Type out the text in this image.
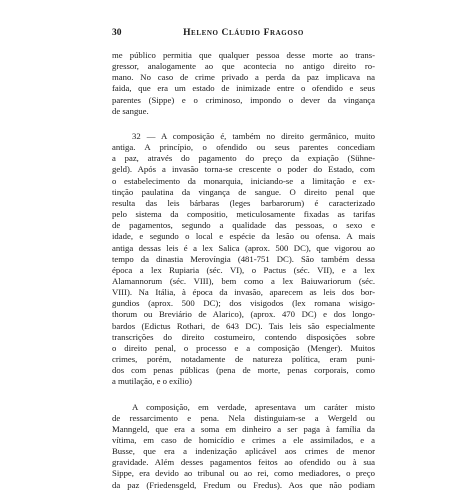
30	Heleno Cláudio Fragoso

me público permitia que qualquer pessoa desse morte ao trans-
gressor, analogamente ao que acontecia no antigo direito ro-
mano. No caso de crime privado a perda da paz implicava na
faida, que era um estado de inimizade entre o ofendido e seus
parentes (Sippe) e o criminoso, impondo o dever da vingança
de sangue.

32 — A composição é, também no direito germânico, muito
antiga. A princípio, o ofendido ou seus parentes concediam
a paz, através do pagamento do preço da expiação (Sühne-
geld). Após a invasão torna-se crescente o poder do Estado, com
o estabelecimento da monarquia, iniciando-se a limitação e ex-
tinção paulatina da vingança de sangue. O direito penal que
resulta das leis bárbaras (leges barbarorum) é caracterizado
pelo sistema da compositio, meticulosamente fixadas as tarifas
de pagamentos, segundo a qualidade das pessoas, o sexo e
idade, e segundo o local e espécie da lesão ou ofensa. A mais
antiga dessas leis é a lex Salica (aprox. 500 DC), que vigorou ao
tempo da dinastia Merovíngia (481-751 DC). São também dessa
época a lex Rupiaria (séc. VI), o Pactus (séc. VII), e a lex
Alamannorum (séc. VIII), bem como a lex Baiuwariorum (séc.
VIII). Na Itália, à época da invasão, aparecem as leis dos bor-
gundios (aprox. 500 DC); dos visigodos (lex romana wisigo-
thorum ou Breviário de Alarico), (aprox. 470 DC) e dos longo-
bardos (Edictus Rothari, de 643 DC). Tais leis são especialmente
transcrições do direito costumeiro, contendo disposições sobre
o direito penal, o processo e a composição (Menger). Muitos
crimes, porém, notadamente de natureza política, eram puni-
dos com penas públicas (pena de morte, penas corporais, como
a mutilação, e o exílio)

A composição, em verdade, apresentava um caráter misto
de ressarcimento e pena. Nela distinguiam-se a Wergeld ou
Manngeld, que era a soma em dinheiro a ser paga à família da
vítima, em caso de homicídio e crimes a ele assimilados, e a
Busse, que era a indenização aplicável aos crimes de menor
gravidade. Além desses pagamentos feitos ao ofendido ou à sua
Sippe, era devido ao tribunal ou ao rei, como mediadores, o preço
da paz (Friedensgeld, Fredum ou Fredus). Aos que não podiam
